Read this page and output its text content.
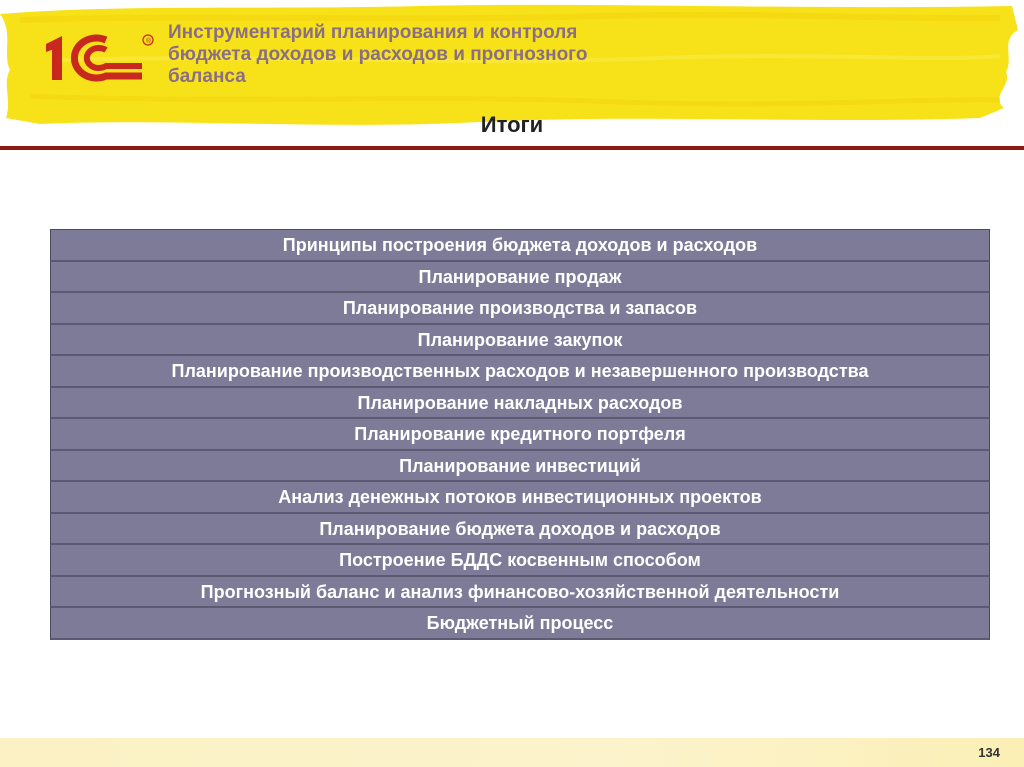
® Инструментарий планирования и контроля
бюджета доходов и расходов и прогнозного
баланса
Итоги
Принципы построения бюджета доходов и расходов
Планирование продаж
Планирование производства и запасов
Планирование закупок
Планирование производственных расходов и незавершенного производства
Планирование накладных расходов
Планирование кредитного портфеля
Планирование инвестиций
Анализ денежных потоков инвестиционных проектов
Планирование бюджета доходов и расходов
Построение БДДС косвенным способом
Прогнозный баланс и анализ финансово-хозяйственной деятельности
Бюджетный процесс
134
